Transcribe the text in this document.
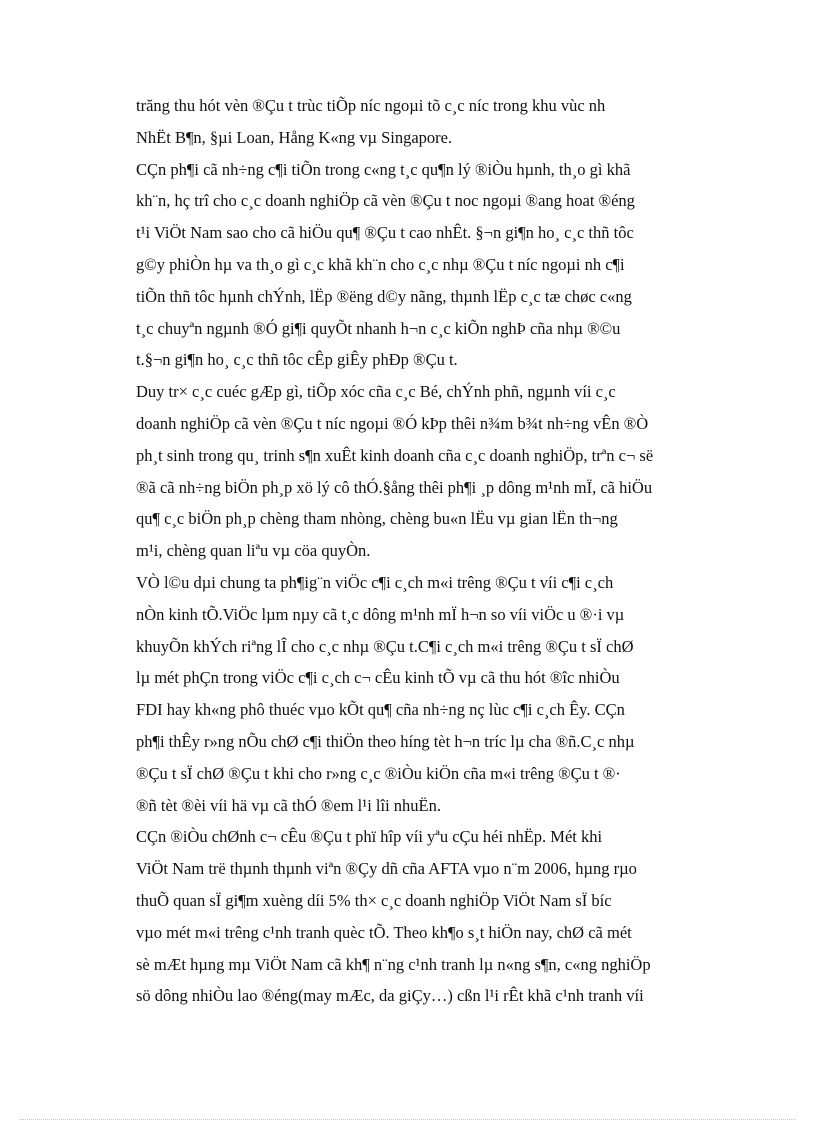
trăng thu hót vèn ®Çu t trùc tiÕp níc ngoµi tõ c¸c níc trong khu vùc nh
NhËt B¶n, §µi Loan, Hång K«ng vµ Singapore.
CÇn ph¶i cã nh÷ng c¶i tiÕn trong c«ng t¸c qu¶n lý ®iÒu hµnh, th¸o gì khã
kh¨n, hç trî cho c¸c doanh nghiÖp cã vèn ®Çu t noc ngoµi ®ang hoat ®éng
t¹i ViÖt Nam sao cho cã hiÖu qu¶ ®Çu t cao nhÊt. §¬n gi¶n ho¸ c¸c thñ tôc
g©y phiÒn hµ va th¸o gì c¸c khã kh¨n cho c¸c nhµ ®Çu t níc ngoµi nh c¶i
tiÕn thñ tôc hµnh chÝnh, lËp ®ëng d©y nãng, thµnh lËp c¸c tæ chøc c«ng
t¸c chuyªn ngµnh ®Ó gi¶i quyÕt nhanh h¬n c¸c kiÕn nghÞ cña nhµ ®©u
t.§¬n gi¶n ho¸ c¸c thñ tôc cÊp giÊy phÐp ®Çu t.
Duy tr× c¸c cuéc gÆp gì, tiÕp xóc cña c¸c Bé, chÝnh phñ, ngµnh víi c¸c
doanh nghiÖp cã vèn ®Çu t níc ngoµi ®Ó kÞp thêi n¾m b¾t nh÷ng vÊn ®Ò
ph¸t sinh trong qu¸ trinh s¶n xuÊt kinh doanh cña c¸c doanh nghiÖp, trªn c¬ së
®ã cã nh÷ng biÖn ph¸p xö lý cô thÓ.§ång thêi ph¶i ¸p dông m¹nh mÏ, cã hiÖu
qu¶ c¸c biÖn ph¸p chèng tham nhòng, chèng bu«n lËu vµ gian lËn th¬ng
m¹i, chèng quan liªu vµ cöa quyÒn.
VÒ l©u dµi chung ta ph¶ig¨n viÖc c¶i c¸ch m«i trêng ®Çu t víi c¶i c¸ch
nÒn kinh tÕ.ViÖc lµm nµy cã t¸c dông m¹nh mÏ h¬n so víi viÖc u ®·i vµ
khuyÕn khÝch riªng lÎ cho c¸c nhµ ®Çu t.C¶i c¸ch m«i trêng ®Çu t sÏ chØ
lµ mét phÇn trong viÖc c¶i c¸ch c¬ cÊu kinh tÕ vµ cã thu hót ®îc nhiÒu
FDI hay kh«ng phô thuéc vµo kÕt qu¶ cña nh÷ng nç lùc c¶i c¸ch Êy. CÇn
ph¶i thÊy r»ng nÕu chØ c¶i thiÖn theo híng tèt h¬n tríc lµ cha ®ñ.C¸c nhµ
®Çu t sÏ chØ ®Çu t khi cho r»ng c¸c ®iÒu kiÖn cña m«i trêng ®Çu t ®·
®ñ tèt ®èi víi hä vµ cã thÓ ®em l¹i lîi nhuËn.
CÇn ®iÒu chØnh c¬ cÊu ®Çu t phï hîp víi yªu cÇu héi nhËp. Mét khi
ViÖt Nam trë thµnh thµnh viªn ®Çy dñ cña AFTA vµo n¨m 2006, hµng rµo
thuÕ quan sÏ gi¶m xuèng díi 5% th× c¸c doanh nghiÖp ViÖt Nam sÏ bíc
vµo mét m«i trêng c¹nh tranh quèc tÕ. Theo kh¶o s¸t hiÖn nay, chØ cã mét
sè mÆt hµng mµ ViÖt Nam cã kh¶ n¨ng c¹nh tranh lµ n«ng s¶n, c«ng nghiÖp
sö dông nhiÒu lao ®éng(may mÆc, da giÇy…) cßn l¹i rÊt khã c¹nh tranh víi
